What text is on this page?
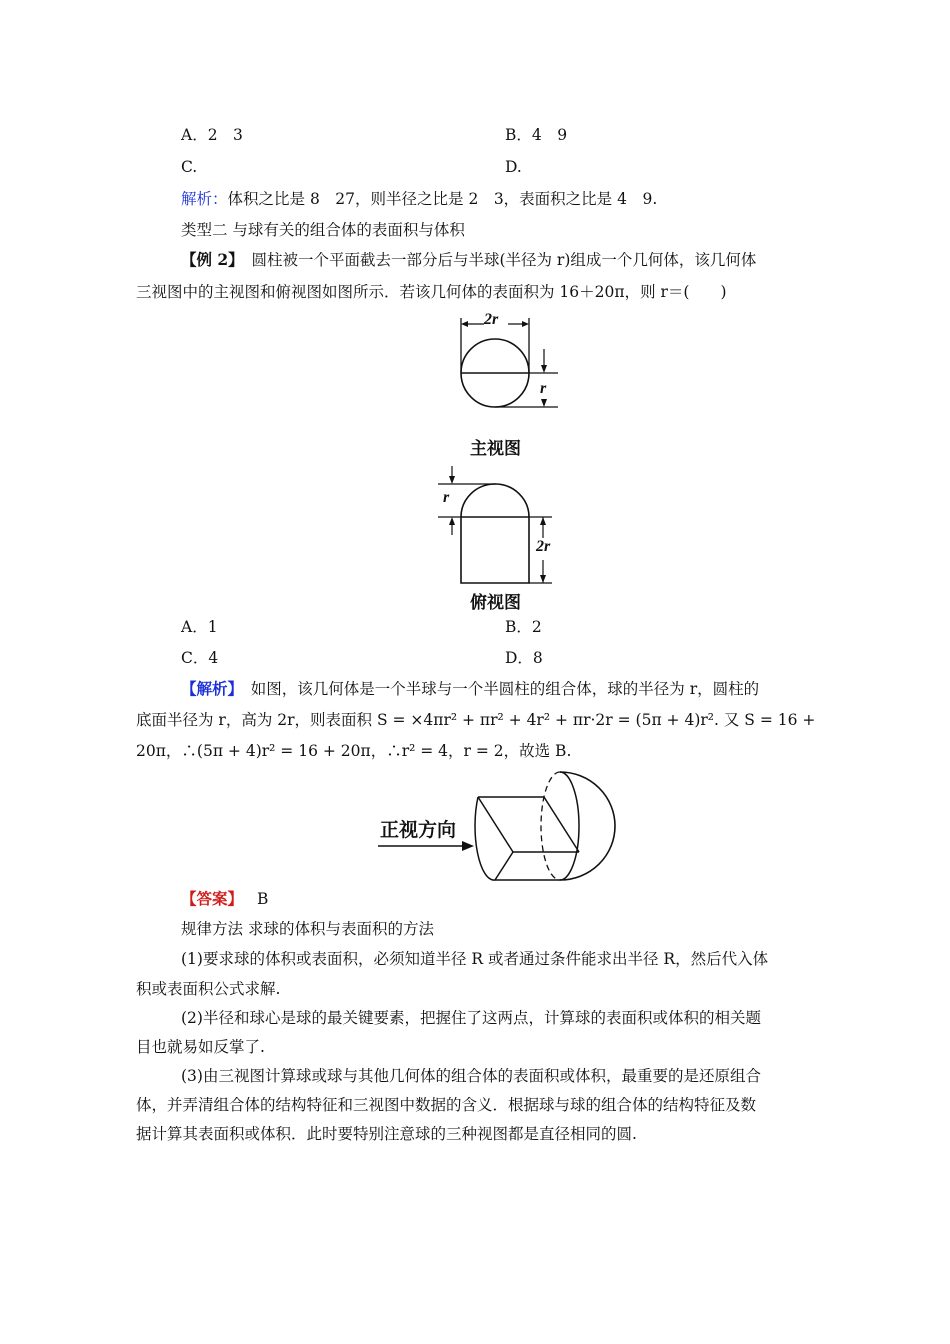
A．2　3	B．4　9
C.	D.
解析：体积之比是 8　27，则半径之比是 2　3，表面积之比是 4　9.
类型二 与球有关的组合体的表面积与体积
【例 2】　圆柱被一个平面截去一部分后与半球(半径为 r)组成一个几何体，该几何体
三视图中的主视图和俯视图如图所示．若该几何体的表面积为 16＋20π，则 r＝(　　)
2r
r
主视图
r
2r
俯视图
A．1	B．2
C．4	D．8
【解析】　如图，该几何体是一个半球与一个半圆柱的组合体，球的半径为 r，圆柱的
底面半径为 r，高为 2r，则表面积 S = ×4πr² + πr² + 4r² + πr·2r = (5π + 4)r². 又 S = 16 +
20π，∴(5π + 4)r² = 16 + 20π，∴r² = 4，r = 2，故选 B.
正视方向
【答案】 B
规律方法 求球的体积与表面积的方法
(1)要求球的体积或表面积，必须知道半径 R 或者通过条件能求出半径 R，然后代入体
积或表面积公式求解.
(2)半径和球心是球的最关键要素，把握住了这两点，计算球的表面积或体积的相关题
目也就易如反掌了.
(3)由三视图计算球或球与其他几何体的组合体的表面积或体积，最重要的是还原组合
体，并弄清组合体的结构特征和三视图中数据的含义．根据球与球的组合体的结构特征及数
据计算其表面积或体积．此时要特别注意球的三种视图都是直径相同的圆.
